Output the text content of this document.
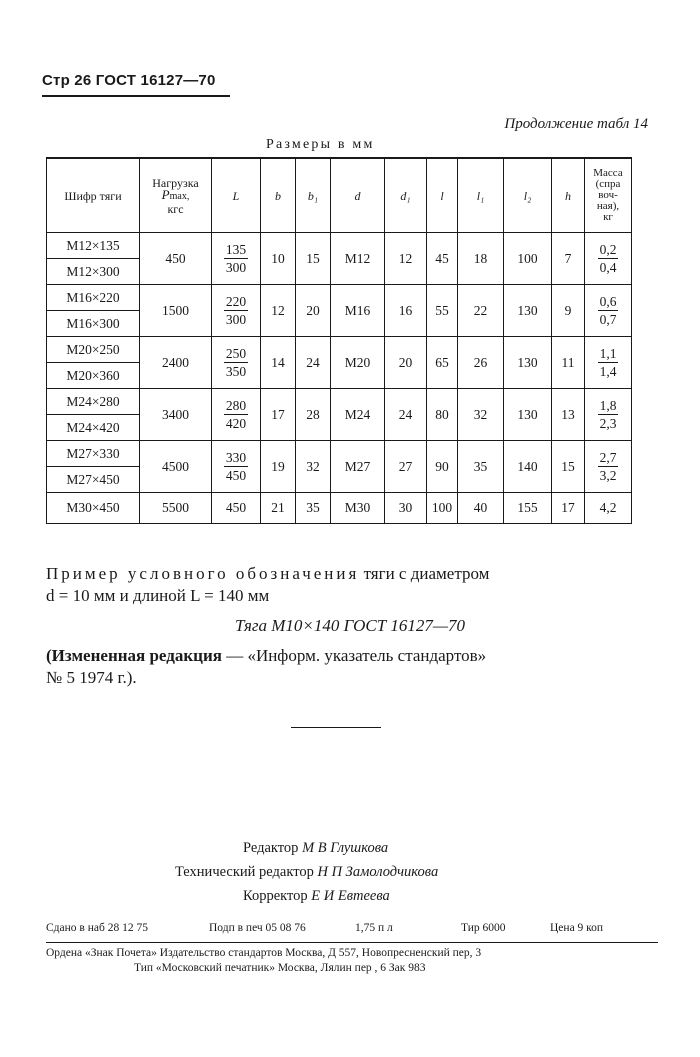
Стр 26 ГОСТ 16127—70
Продолжение табл 14
Размеры в мм
Шифр тяги	Нагрузка
Pmax,
кгс	L	b	b₁	d	d₁	l	l₁	l₂	h	Масса
(спра
воч-
ная),
кг
M12×135	450	$\frac{135}{300}$	10	15	M12	12	45	18	100	7	$\frac{0,2}{0,4}$

M12×300											
M16×220	1500	$\frac{220}{300}$	12	20	M16	16	55	22	130	9	$\frac{0,6}{0,7}$

M16×300											
M20×250	2400	$\frac{250}{350}$	14	24	M20	20	65	26	130	11	$\frac{1,1}{1,4}$

M20×360											
M24×280	3400	$\frac{280}{420}$	17	28	M24	24	80	32	130	13	$\frac{1,8}{2,3}$

M24×420											
M27×330	4500	$\frac{330}{450}$	19	32	M27	27	90	35	140	15	$\frac{2,7}{3,2}$

M27×450											
M30×450	5500	450	21	35	M30	30	100	40	155	17	4,2
Пример условного обозначения тяги с диаметром
d = 10 мм и длиной L = 140 мм
Тяга M10×140 ГОСТ 16127—70
(Измененная редакция — «Информ. указатель стандартов»
№ 5 1974 г.).
Редактор М В Глушкова
Технический редактор Н П Замолодчикова
Корректор Е И Евтеева
Сдано в наб 28 12 75	Подп в печ 05 08 76	1,75 п л	Тир 6000	Цена 9 коп
Ордена «Знак Почета» Издательство стандартов Москва, Д 557, Новопресненский пер, 3
Тип «Московский печатник» Москва, Лялин пер , 6 Зак 983
